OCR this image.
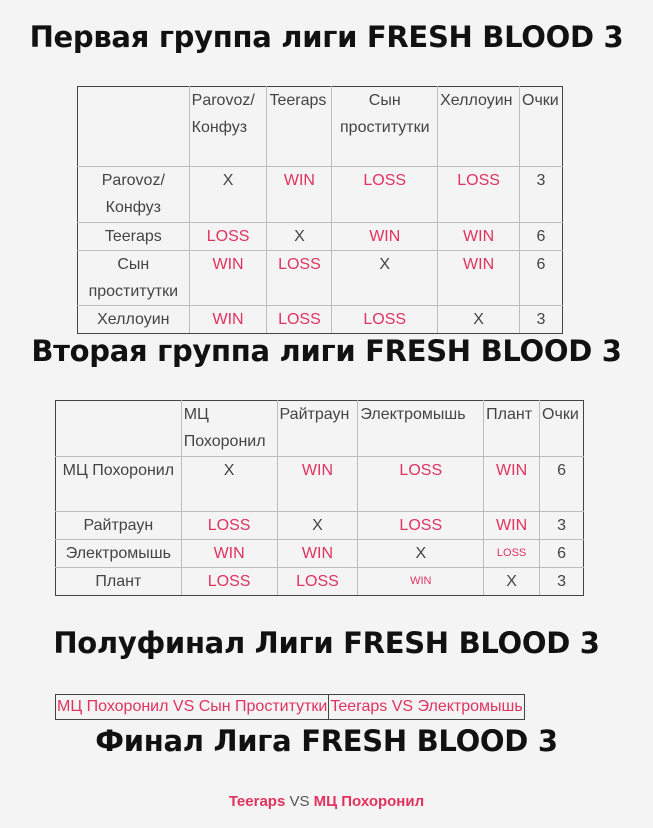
Первая группа лиги FRESH BLOOD 3
	Parovoz/ Конфуз	Teeraps	Сын проститутки	Хеллоуин	Очки
Parovoz/ Конфуз	X	WIN	LOSS	LOSS	3
Teeraps	LOSS	X	WIN	WIN	6
Сын проститутки	WIN	LOSS	X	WIN	6
Хеллоуин	WIN	LOSS	LOSS	X	3
Вторая группа лиги FRESH BLOOD 3
	МЦ Похоронил	Райтраун	Электромышь	Плант	Очки
МЦ Похоронил	X	WIN	LOSS	WIN	6
Райтраун	LOSS	X	LOSS	WIN	3
Электромышь	WIN	WIN	X	LOSS	6
Плант	LOSS	LOSS	WIN	X	3
Полуфинал Лиги FRESH BLOOD 3
МЦ Похоронил VS Сын Проститутки	Teeraps VS Электромышь
Финал Лига FRESH BLOOD 3
Teeraps VS МЦ Похоронил
